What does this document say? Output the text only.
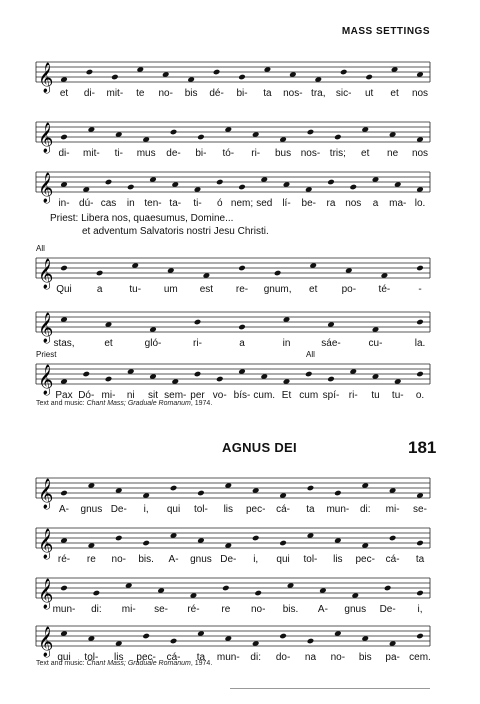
MASS SETTINGS
𝄞
et di- mit- te no- bis dé- bi- ta nos- tra, sic- ut et nos
𝄞
di- mit- ti- mus de- bi- tó- ri- bus nos- tris; et ne nos
𝄞
in- dú- cas in ten- ta- ti- ó nem; sed lí- be- ra nos a ma- lo.
Priest: Libera nos, quaesumus, Domine...
et adventum Salvatoris nostri Jesu Christi.
𝄞
Qui	a	tu- um est re- gnum, et po- té-	-
All
𝄞
stas,	et	gló-	ri-	a	in	sáe-	cu-	la.
𝄞
Pax Dó- mi- ni sit sem- per vo- bís- cum. Et cum spí- ri- tu tu- o.
Priest	All
Text and music: Chant Mass; Graduale Romanum, 1974.
AGNUS DEI	181
𝄞
A- gnus De- i, qui tol- lis pec- cá- ta mun- di: mi- se-
𝄞
ré- re no- bis. A- gnus De- i, qui tol- lis pec- cá- ta
𝄞
mun- di: mi- se- ré- re no- bis. A- gnus De- i,
𝄞
qui tol- lis pec- cá- ta mun- di: do- na no- bis pa- cem.
Text and music: Chant Mass; Graduale Romanum, 1974.
